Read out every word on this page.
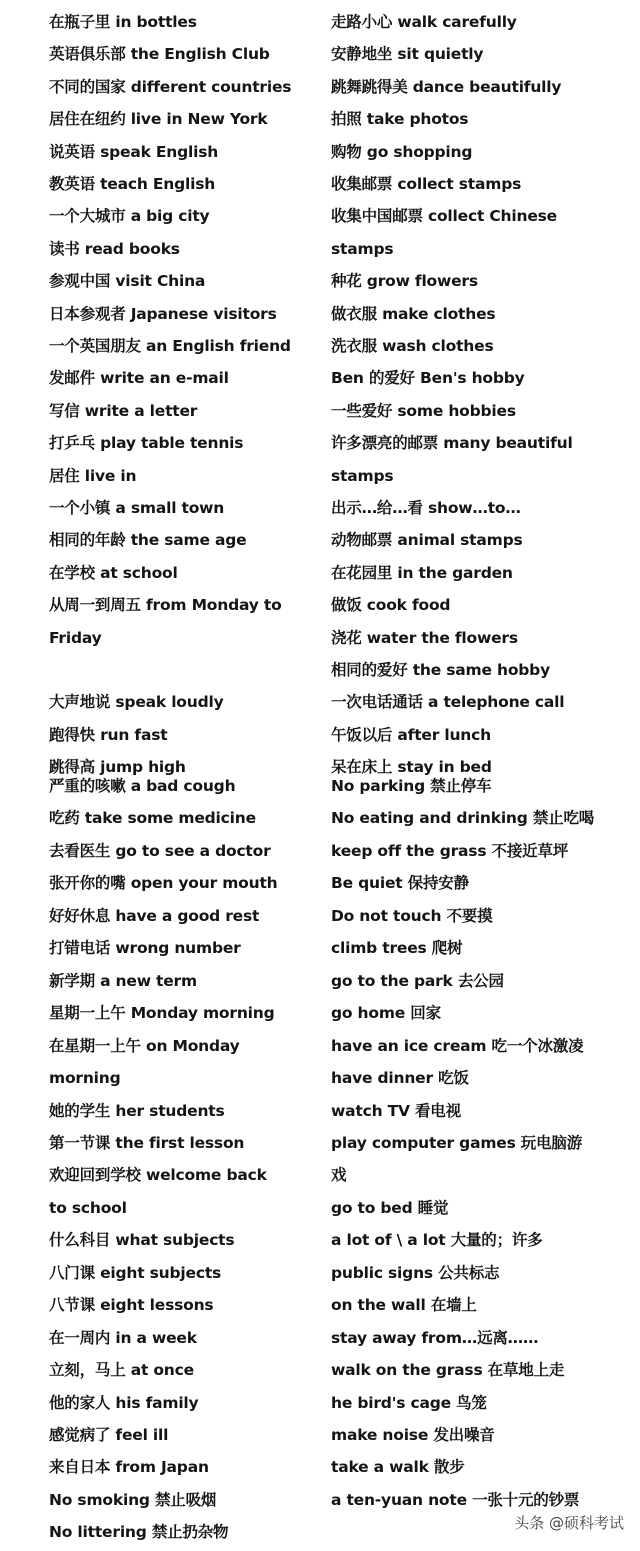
在瓶子里 in bottles
英语俱乐部 the English Club
不同的国家 different countries
居住在纽约 live in New York
说英语 speak English
教英语 teach English
一个大城市 a big city
读书 read books
参观中国 visit China
日本参观者 Japanese visitors
一个英国朋友 an English friend
发邮件 write an e-mail
写信 write a letter
打乒乓 play table tennis
居住 live in
一个小镇 a small town
相同的年龄 the same age
在学校 at school
从周一到周五 from Monday to
Friday
大声地说 speak loudly
跑得快 run fast
跳得高 jump high
严重的咳嗽 a bad cough
吃药 take some medicine
去看医生 go to see a doctor
张开你的嘴 open your mouth
好好休息 have a good rest
打错电话 wrong number
新学期 a new term
星期一上午 Monday morning
在星期一上午 on Monday
morning
她的学生 her students
第一节课 the first lesson
欢迎回到学校 welcome back
to school
什么科目 what subjects
八门课 eight subjects
八节课 eight lessons
在一周内 in a week
立刻，马上 at once
他的家人 his family
感觉病了 feel ill
来自日本 from Japan
No smoking 禁止吸烟
No littering 禁止扔杂物
走路小心 walk carefully
安静地坐 sit quietly
跳舞跳得美 dance beautifully
拍照 take photos
购物 go shopping
收集邮票 collect stamps
收集中国邮票 collect Chinese
stamps
种花 grow flowers
做衣服 make clothes
洗衣服 wash clothes
Ben 的爱好 Ben's hobby
一些爱好 some hobbies
许多漂亮的邮票 many beautiful
stamps
出示…给…看 show…to…
动物邮票 animal stamps
在花园里 in the garden
做饭 cook food
浇花 water the flowers
相同的爱好 the same hobby
一次电话通话 a telephone call
午饭以后 after lunch
呆在床上 stay in bed
No parking 禁止停车
No eating and drinking 禁止吃喝
keep off the grass 不接近草坪
Be quiet 保持安静
Do not touch 不要摸
climb trees 爬树
go to the park 去公园
go home 回家
have an ice cream 吃一个冰激凌
have dinner 吃饭
watch TV 看电视
play computer games 玩电脑游
戏
go to bed 睡觉
a lot of \ a lot 大量的；许多
public signs 公共标志
on the wall 在墙上
stay away from…远离……
walk on the grass 在草地上走
he bird's cage 鸟笼
make noise 发出噪音
take a walk 散步
a ten-yuan note 一张十元的钞票
头条 @硕科考试
